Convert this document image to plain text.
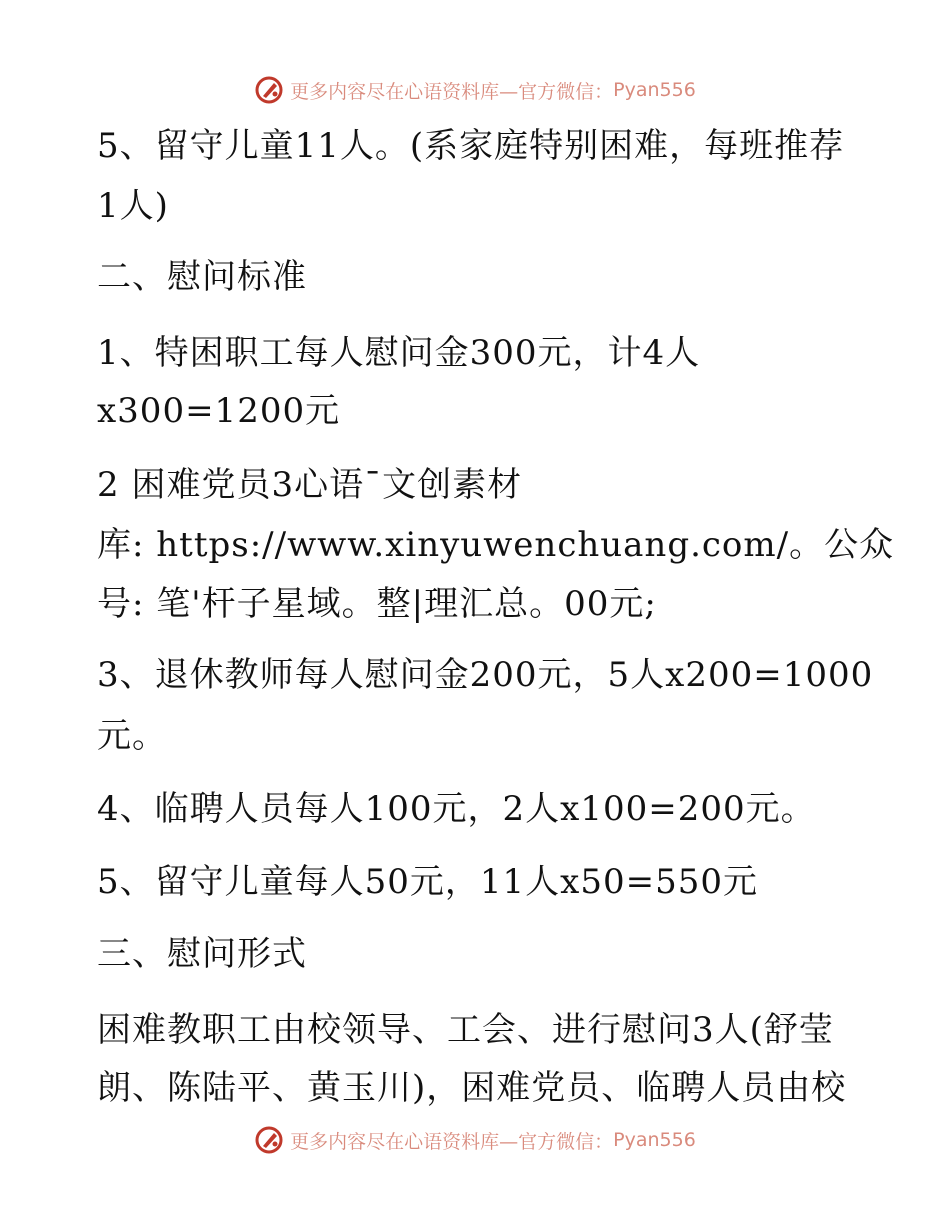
更多内容尽在心语资料库—官方微信： Pyan556
5、留守儿童11人。(系家庭特别困难，每班推荐
1人)
二、慰问标准
1、特困职工每人慰问金300元，计4人
x300=1200元
2 困难党员3心语¯文创素材
库: https://www.xinyuwenchuang.com/。公众
号: 笔'杆子星域。整|理汇总。00元;
3、退休教师每人慰问金200元，5人x200=1000
元。
4、临聘人员每人100元，2人x100=200元。
5、留守儿童每人50元，11人x50=550元
三、慰问形式
困难教职工由校领导、工会、进行慰问3人(舒莹
朗、陈陆平、黄玉川)，困难党员、临聘人员由校
更多内容尽在心语资料库—官方微信： Pyan556
